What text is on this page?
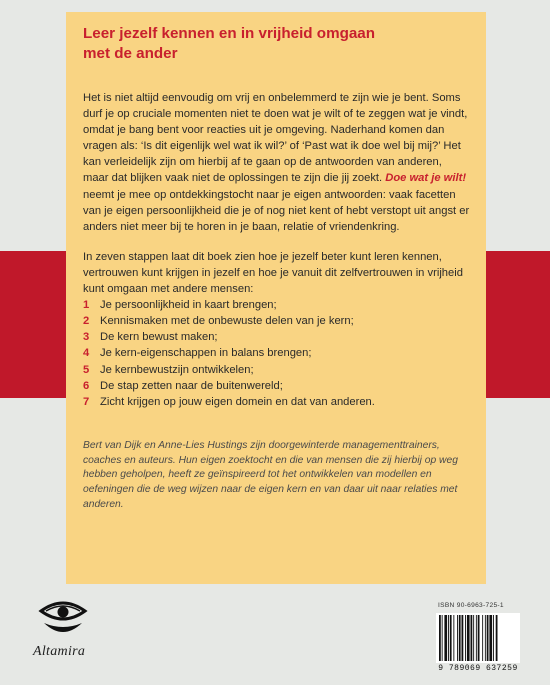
Leer jezelf kennen en in vrijheid omgaan met de ander

Het is niet altijd eenvoudig om vrij en onbelemmerd te zijn wie je bent. Soms durf je op cruciale momenten niet te doen wat je wilt of te zeggen wat je vindt, omdat je bang bent voor reacties uit je omgeving. Naderhand komen dan vragen als: ‘Is dit eigenlijk wel wat ik wil?’ of ‘Past wat ik doe wel bij mij?’ Het kan verleidelijk zijn om hierbij af te gaan op de antwoorden van anderen, maar dat blijken vaak niet de oplossingen te zijn die jij zoekt. Doe wat je wilt! neemt je mee op ontdekkingstocht naar je eigen antwoorden: vaak facetten van je eigen persoonlijkheid die je of nog niet kent of hebt verstopt uit angst er anders niet meer bij te horen in je baan, relatie of vriendenkring.

In zeven stappen laat dit boek zien hoe je jezelf beter kunt leren kennen, vertrouwen kunt krijgen in jezelf en hoe je vanuit dit zelfvertrouwen in vrijheid kunt omgaan met andere mensen:

1 Je persoonlijkheid in kaart brengen;
2 Kennismaken met de onbewuste delen van je kern;
3 De kern bewust maken;
4 Je kern-eigenschappen in balans brengen;
5 Je kernbewustzijn ontwikkelen;
6 De stap zetten naar de buitenwereld;
7 Zicht krijgen op jouw eigen domein en dat van anderen.

Bert van Dijk en Anne-Lies Hustings zijn doorgewinterde managementtrainers, coaches en auteurs. Hun eigen zoektocht en die van mensen die zij hierbij op weg hebben geholpen, heeft ze geïnspireerd tot het ontwikkelen van modellen en oefeningen die de weg wijzen naar de eigen kern en van daar uit naar relaties met anderen.

Altamira
ISBN 90-6963-725-1
9 789069 637259
